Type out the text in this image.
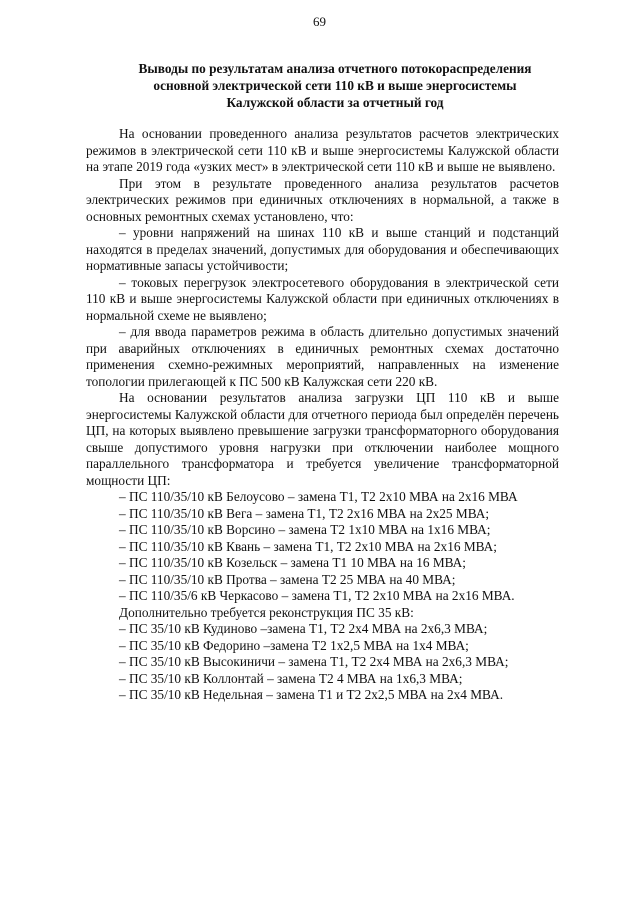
69
Выводы по результатам анализа отчетного потокораспределения
основной электрической сети 110 кВ и выше энергосистемы
Калужской области за отчетный год

На основании проведенного анализа результатов расчетов электрических режимов в электрической сети 110 кВ и выше энергосистемы Калужской области на этапе 2019 года «узких мест» в электрической сети 110 кВ и выше не выявлено.

При этом в результате проведенного анализа результатов расчетов электрических режимов при единичных отключениях в нормальной, а также в основных ремонтных схемах установлено, что:

– уровни напряжений на шинах 110 кВ и выше станций и подстанций находятся в пределах значений, допустимых для оборудования и обеспечивающих нормативные запасы устойчивости;

– токовых перегрузок электросетевого оборудования в электрической сети 110 кВ и выше энергосистемы Калужской области при единичных отключениях в нормальной схеме не выявлено;

– для ввода параметров режима в область длительно допустимых значений при аварийных отключениях в единичных ремонтных схемах достаточно применения схемно-режимных мероприятий, направленных на изменение топологии прилегающей к ПС 500 кВ Калужская сети 220 кВ.

На основании результатов анализа загрузки ЦП 110 кВ и выше энергосистемы Калужской области для отчетного периода был определён перечень ЦП, на которых выявлено превышение загрузки трансформаторного оборудования свыше допустимого уровня нагрузки при отключении наиболее мощного параллельного трансформатора и требуется увеличение трансформаторной мощности ЦП:

– ПС 110/35/10 кВ Белоусово – замена Т1, Т2 2х10 МВА на 2х16 МВА

– ПС 110/35/10 кВ Вега – замена Т1, Т2 2х16 МВА на 2х25 МВА;

– ПС 110/35/10 кВ Ворсино – замена Т2 1х10 МВА на 1х16 МВА;

– ПС 110/35/10 кВ Квань – замена Т1, Т2 2х10 МВА на 2х16 МВА;

– ПС 110/35/10 кВ Козельск – замена Т1 10 МВА на 16 МВА;

– ПС 110/35/10 кВ Протва – замена Т2 25 МВА на 40 МВА;

– ПС 110/35/6 кВ Черкасово – замена Т1, Т2 2х10 МВА на 2х16 МВА.

Дополнительно требуется реконструкция ПС 35 кВ:

– ПС 35/10 кВ Кудиново –замена Т1, Т2 2х4 МВА на 2х6,3 МВА;

– ПС 35/10 кВ Федорино –замена Т2 1х2,5 МВА на 1х4 МВА;

– ПС 35/10 кВ Высокиничи – замена Т1, Т2 2х4 МВА на 2х6,3 МВА;

– ПС 35/10 кВ Коллонтай – замена Т2 4 МВА на 1х6,3 МВА;

– ПС 35/10 кВ Недельная – замена Т1 и Т2 2х2,5 МВА на 2х4 МВА.
